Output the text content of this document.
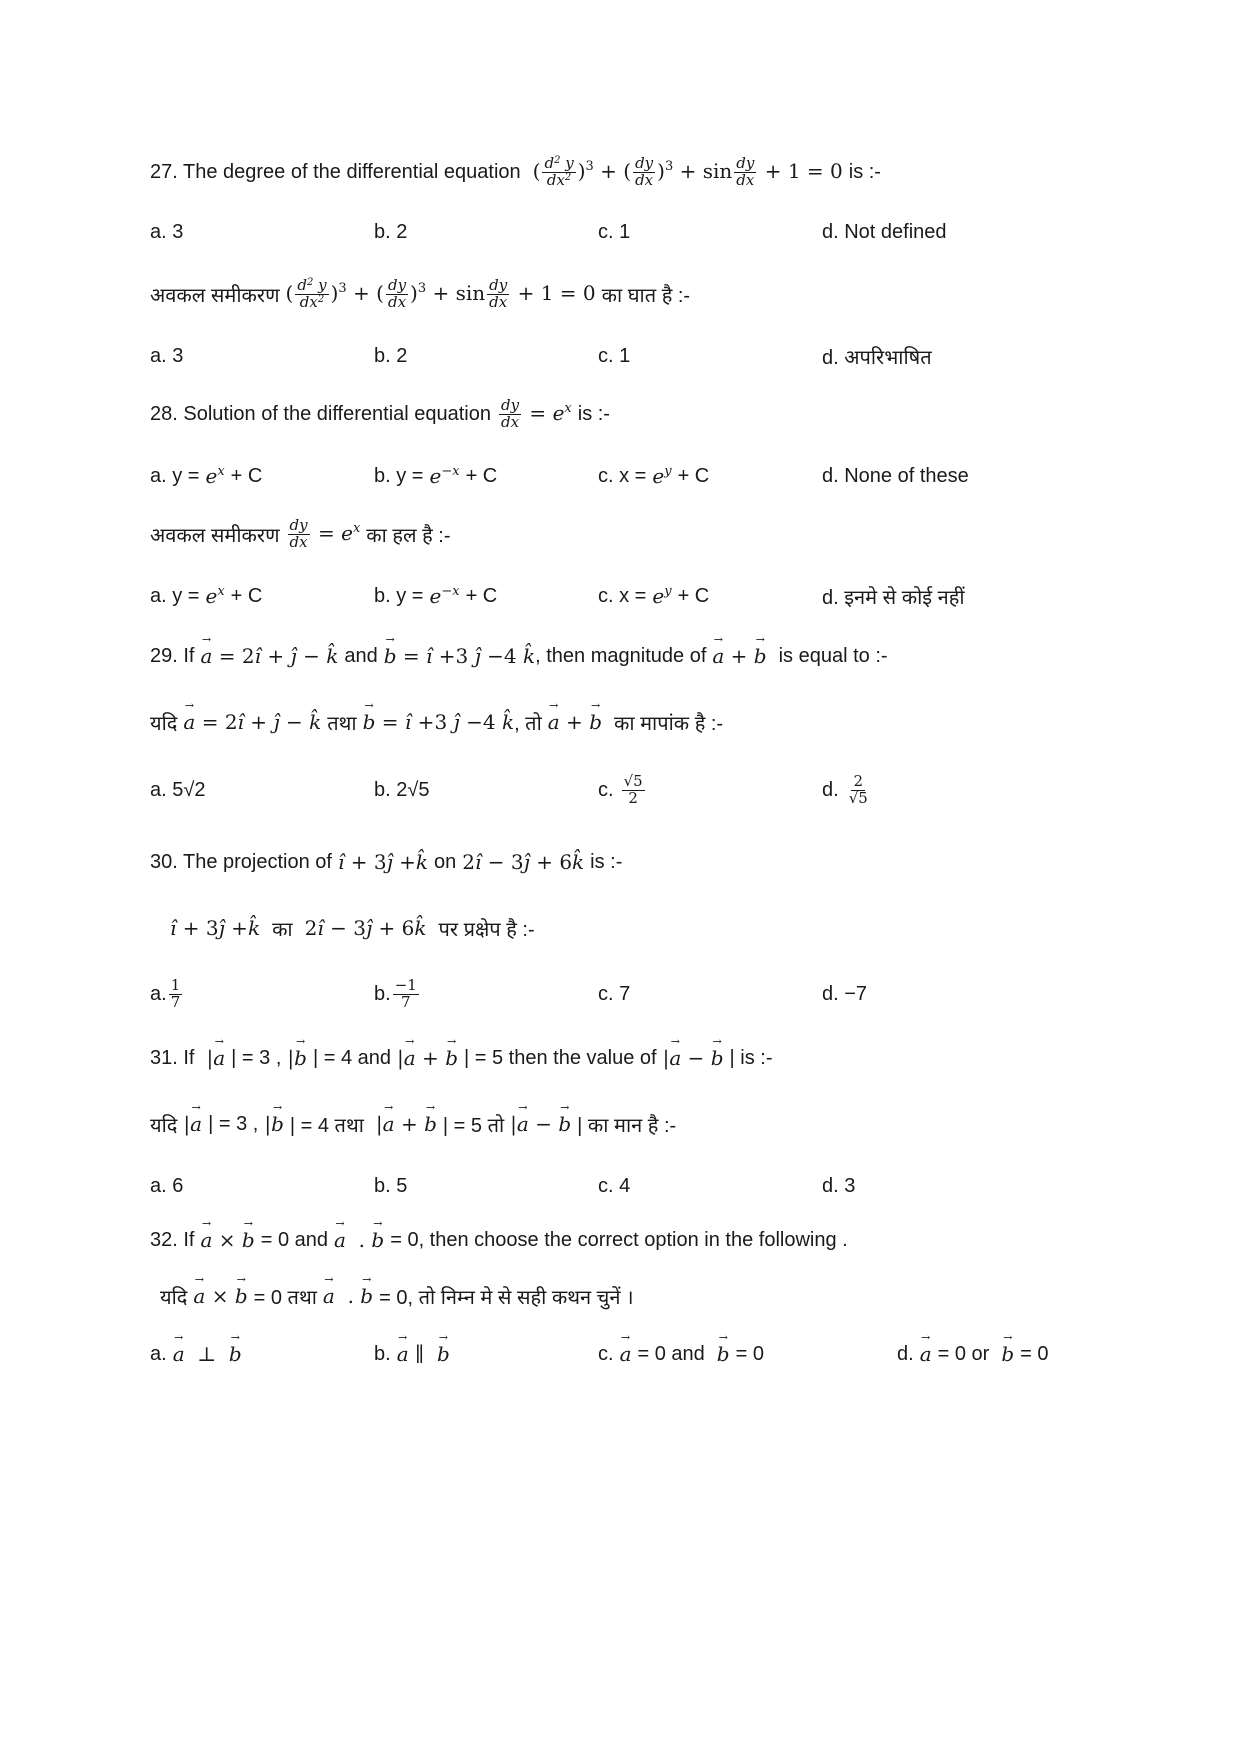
27. The degree of the differential equation ( $\frac{d^2 y}{dx^2} )^3$ + ( $\frac{dy}{dx} )^3 + \sin \frac{dy}{dx} + 1 = 0$ is :-
a. 3	b. 2	c. 1	d. Not defined
अवकल समीकरण ( $\frac{d^2 y}{dx^2} )^3$ + ( $\frac{dy}{dx} )^3 + \sin \frac{dy}{dx} + 1 = 0$ का घात है :-
a. 3	b. 2	c. 1	d. अपरिभाषित
28. Solution of the differential equation $\frac{dy}{dx} = e^x$ is :-
a. $y = e^x + C$	b. $y = e^{-x} + C$	c. $x = e^y + C$	d. None of these
अवकल समीकरण $\frac{dy}{dx} = e^x$ का हल है :-
a. $y = e^x + C$	b. $y = e^{-x} + C$	c. $x = e^y + C$	d. इनमे से कोई नहीं
29. If a → = 2î + ĵ − k̂ and b → = î +3 ĵ −4 k̂ , then magnitude of a → + b → is equal to :-
यदि a → = 2î + ĵ − k̂ तथा b → = î +3 ĵ −4 k̂ , तो a → + b → का मापांक है :-
a. 5√2	b. 2√5	c. $\frac{√5}{2}$	d. $\frac{2}{√5}$
30. The projection of î + 3ĵ +k̂ on 2î − 3ĵ + 6k̂ is :-
î + 3ĵ +k̂ का 2î − 3ĵ + 6k̂ पर प्रक्षेप है :-
a. $\frac{1}{7}$	b. $\frac{-1}{7}$	c. 7	d. −7
31. If |a → | = 3 , |b → | = 4 and |a → + b → | = 5 then the value of |a → − b → | is :-
यदि |a → | = 3 , |b → | = 4 तथा |a → + b → | = 5 तो |a → − b → | का मान है :-
a. 6	b. 5	c. 4	d. 3
32. If a → × b → = 0 and a →  . b → = 0, then choose the correct option in the following .
यदि a → × b → = 0 तथा a →  . b → = 0, तो निम्न मे से सही कथन चुनें ।
a. a →  ⊥  b →	b. a → ∥  b →	c. a → = 0 and b → = 0	d. a → = 0 or b → = 0
